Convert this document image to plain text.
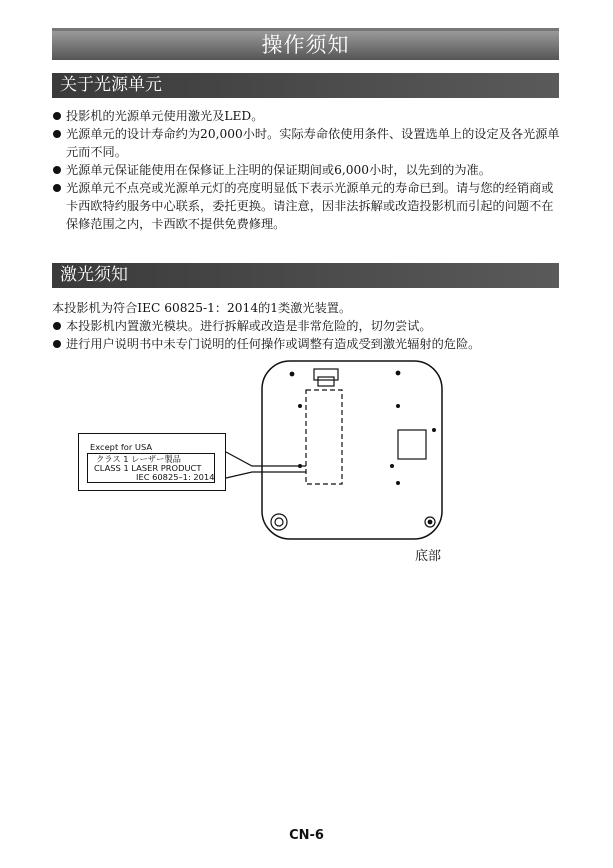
操作须知
关于光源单元
投影机的光源单元使用激光及LED。
光源单元的设计寿命约为20,000小时。实际寿命依使用条件、设置选单上的设定及各光源单元而不同。
光源单元保证能使用在保修证上注明的保证期间或6,000小时，以先到的为准。
光源单元不点亮或光源单元灯的亮度明显低下表示光源单元的寿命已到。请与您的经销商或卡西欧特约服务中心联系，委托更换。请注意，因非法拆解或改造投影机而引起的问题不在保修范围之内，卡西欧不提供免费修理。
激光须知
本投影机为符合IEC 60825-1：2014的1类激光装置。
本投影机内置激光模块。进行拆解或改造是非常危险的，切勿尝试。
进行用户说明书中未专门说明的任何操作或调整有造成受到激光辐射的危险。
Except for USA
クラス 1 レーザー製品
CLASS 1 LASER PRODUCT
IEC 60825–1: 2014
底部
CN-6
